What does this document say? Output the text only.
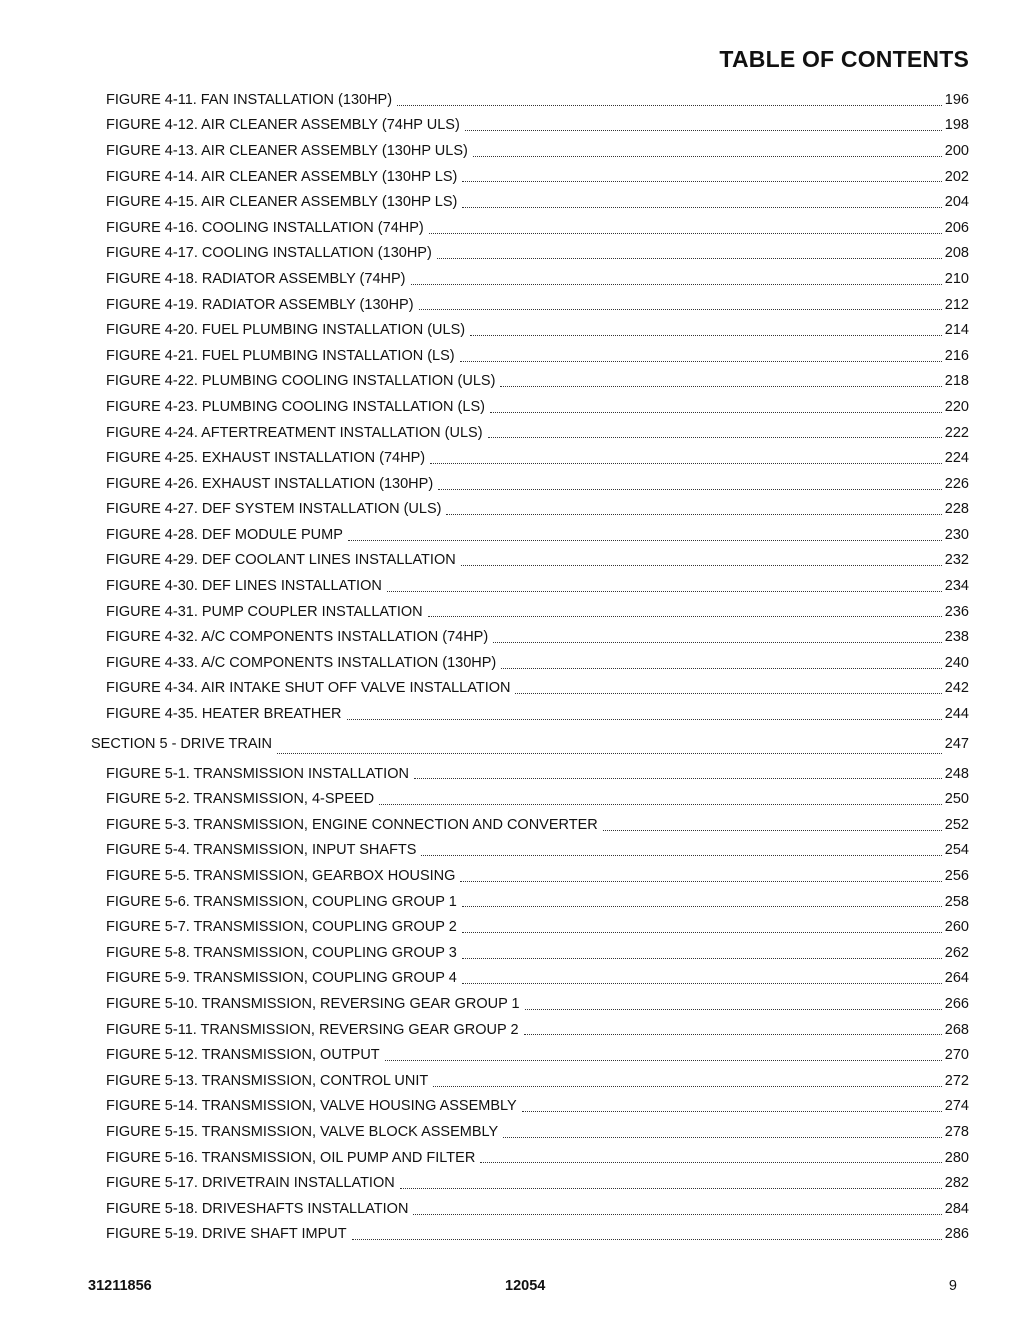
TABLE OF CONTENTS
FIGURE 4-11. FAN INSTALLATION (130HP)	196
FIGURE 4-12. AIR CLEANER ASSEMBLY (74HP ULS)	198
FIGURE 4-13. AIR CLEANER ASSEMBLY (130HP ULS)	200
FIGURE 4-14. AIR CLEANER ASSEMBLY (130HP LS)	202
FIGURE 4-15. AIR CLEANER ASSEMBLY (130HP LS)	204
FIGURE 4-16. COOLING INSTALLATION (74HP)	206
FIGURE 4-17. COOLING INSTALLATION (130HP)	208
FIGURE 4-18. RADIATOR ASSEMBLY (74HP)	210
FIGURE 4-19. RADIATOR ASSEMBLY (130HP)	212
FIGURE 4-20. FUEL PLUMBING INSTALLATION (ULS)	214
FIGURE 4-21. FUEL PLUMBING INSTALLATION (LS)	216
FIGURE 4-22. PLUMBING COOLING INSTALLATION (ULS)	218
FIGURE 4-23. PLUMBING COOLING INSTALLATION (LS)	220
FIGURE 4-24. AFTERTREATMENT INSTALLATION (ULS)	222
FIGURE 4-25. EXHAUST INSTALLATION (74HP)	224
FIGURE 4-26. EXHAUST INSTALLATION (130HP)	226
FIGURE 4-27. DEF SYSTEM INSTALLATION (ULS)	228
FIGURE 4-28. DEF MODULE PUMP	230
FIGURE 4-29. DEF COOLANT LINES INSTALLATION	232
FIGURE 4-30. DEF LINES INSTALLATION	234
FIGURE 4-31. PUMP COUPLER INSTALLATION	236
FIGURE 4-32. A/C COMPONENTS INSTALLATION (74HP)	238
FIGURE 4-33. A/C COMPONENTS INSTALLATION (130HP)	240
FIGURE 4-34. AIR INTAKE SHUT OFF VALVE INSTALLATION	242
FIGURE 4-35. HEATER BREATHER	244
SECTION 5 - DRIVE TRAIN	247
FIGURE 5-1. TRANSMISSION INSTALLATION	248
FIGURE 5-2. TRANSMISSION, 4-SPEED	250
FIGURE 5-3. TRANSMISSION, ENGINE CONNECTION AND CONVERTER	252
FIGURE 5-4. TRANSMISSION, INPUT SHAFTS	254
FIGURE 5-5. TRANSMISSION, GEARBOX HOUSING	256
FIGURE 5-6. TRANSMISSION, COUPLING GROUP 1	258
FIGURE 5-7. TRANSMISSION, COUPLING GROUP 2	260
FIGURE 5-8. TRANSMISSION, COUPLING GROUP 3	262
FIGURE 5-9. TRANSMISSION, COUPLING GROUP 4	264
FIGURE 5-10. TRANSMISSION, REVERSING GEAR GROUP 1	266
FIGURE 5-11. TRANSMISSION, REVERSING GEAR GROUP 2	268
FIGURE 5-12. TRANSMISSION, OUTPUT	270
FIGURE 5-13. TRANSMISSION, CONTROL UNIT	272
FIGURE 5-14. TRANSMISSION, VALVE HOUSING ASSEMBLY	274
FIGURE 5-15. TRANSMISSION, VALVE BLOCK ASSEMBLY	278
FIGURE 5-16. TRANSMISSION, OIL PUMP AND FILTER	280
FIGURE 5-17. DRIVETRAIN INSTALLATION	282
FIGURE 5-18. DRIVESHAFTS INSTALLATION	284
FIGURE 5-19. DRIVE SHAFT IMPUT	286
31211856	12054	9
